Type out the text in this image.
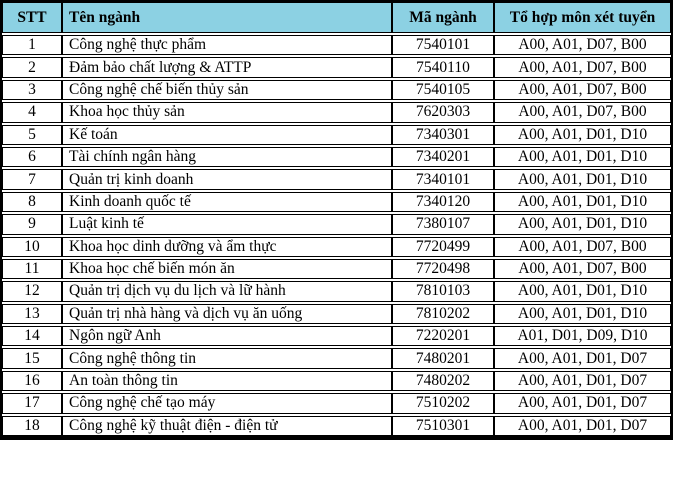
STT	Tên ngành	Mã ngành	Tổ hợp môn xét tuyển
1	Công nghệ thực phẩm	7540101	A00, A01, D07, B00
2	Đảm bảo chất lượng & ATTP	7540110	A00, A01, D07, B00
3	Công nghệ chế biến thủy sản	7540105	A00, A01, D07, B00
4	Khoa học thủy sản	7620303	A00, A01, D07, B00
5	Kế toán	7340301	A00, A01, D01, D10
6	Tài chính ngân hàng	7340201	A00, A01, D01, D10
7	Quản trị kinh doanh	7340101	A00, A01, D01, D10
8	Kinh doanh quốc tế	7340120	A00, A01, D01, D10
9	Luật kinh tế	7380107	A00, A01, D01, D10
10	Khoa học dinh dưỡng và ẩm thực	7720499	A00, A01, D07, B00
11	Khoa học chế biến món ăn	7720498	A00, A01, D07, B00
12	Quản trị dịch vụ du lịch và lữ hành	7810103	A00, A01, D01, D10
13	Quản trị nhà hàng và dịch vụ ăn uống	7810202	A00, A01, D01, D10
14	Ngôn ngữ Anh	7220201	A01, D01, D09, D10
15	Công nghệ thông tin	7480201	A00, A01, D01, D07
16	An toàn thông tin	7480202	A00, A01, D01, D07
17	Công nghệ chế tạo máy	7510202	A00, A01, D01, D07
18	Công nghệ kỹ thuật điện - điện tử	7510301	A00, A01, D01, D07
